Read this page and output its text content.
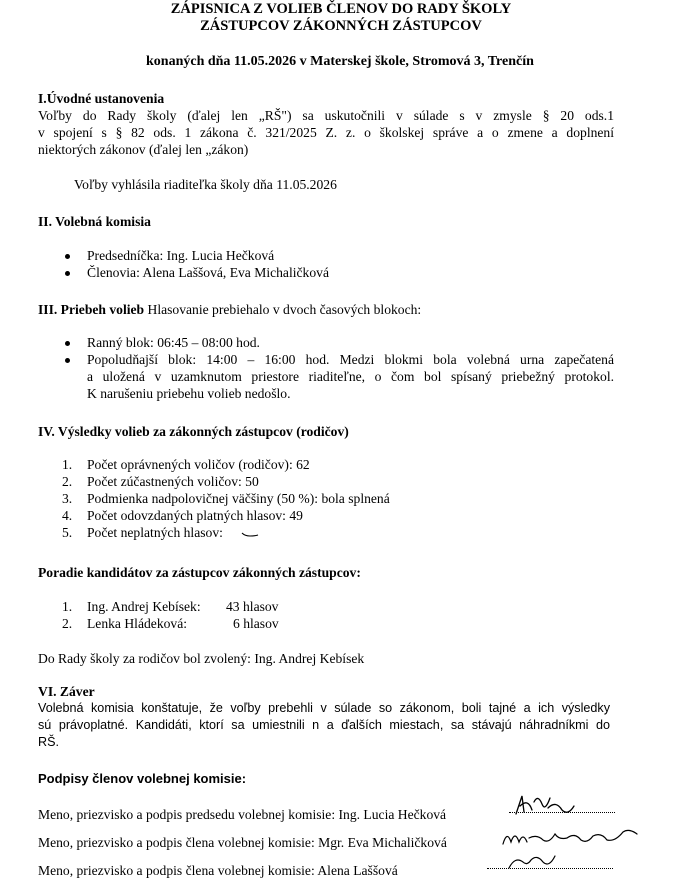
ZÁPISNICA Z VOLIEB ČLENOV DO RADY ŠKOLY
ZÁSTUPCOV ZÁKONNÝCH ZÁSTUPCOV
konaných dňa 11.05.2026 v Materskej škole, Stromová 3, Trenčín
I.Úvodné ustanovenia
Voľby do Rady školy (ďalej len „RŠ") sa uskutočnili v súlade s v zmysle § 20 ods.1
v spojení s § 82 ods. 1 zákona č. 321/2025 Z. z. o školskej správe a o zmene a doplnení
niektorých zákonov (ďalej len „zákon)
Voľby vyhlásila riaditeľka školy dňa 11.05.2026
II. Volebná komisia
Predsedníčka: Ing. Lucia Hečková
Členovia: Alena Laššová, Eva Michaličková
III. Priebeh volieb Hlasovanie prebiehalo v dvoch časových blokoch:
Ranný blok: 06:45 – 08:00 hod.
Popoludňajší blok: 14:00 – 16:00 hod. Medzi blokmi bola volebná urna zapečatená
a uložená v uzamknutom priestore riaditeľne, o čom bol spísaný priebežný protokol.
K narušeniu priebehu volieb nedošlo.
IV. Výsledky volieb za zákonných zástupcov (rodičov)
1. Počet oprávnených voličov (rodičov): 62
2. Počet zúčastnených voličov: 50
3. Podmienka nadpolovičnej väčšiny (50 %): bola splnená
4. Počet odovzdaných platných hlasov: 49
5. Počet neplatných hlasov:
Poradie kandidátov za zástupcov zákonných zástupcov:
1. Ing. Andrej Kebísek: 43 hlasov
2. Lenka Hládeková:	6 hlasov
Do Rady školy za rodičov bol zvolený: Ing. Andrej Kebísek
VI. Záver
Volebná komisia konštatuje, že voľby prebehli v súlade so zákonom, boli tajné a ich výsledky
sú právoplatné. Kandidáti, ktorí sa umiestnili n a ďalších miestach, sa stávajú náhradníkmi do
RŠ.
Podpisy členov volebnej komisie:
Meno, priezvisko a podpis predsedu volebnej komisie: Ing. Lucia Hečková
Meno, priezvisko a podpis člena volebnej komisie: Mgr. Eva Michaličková
Meno, priezvisko a podpis člena volebnej komisie: Alena Laššová
